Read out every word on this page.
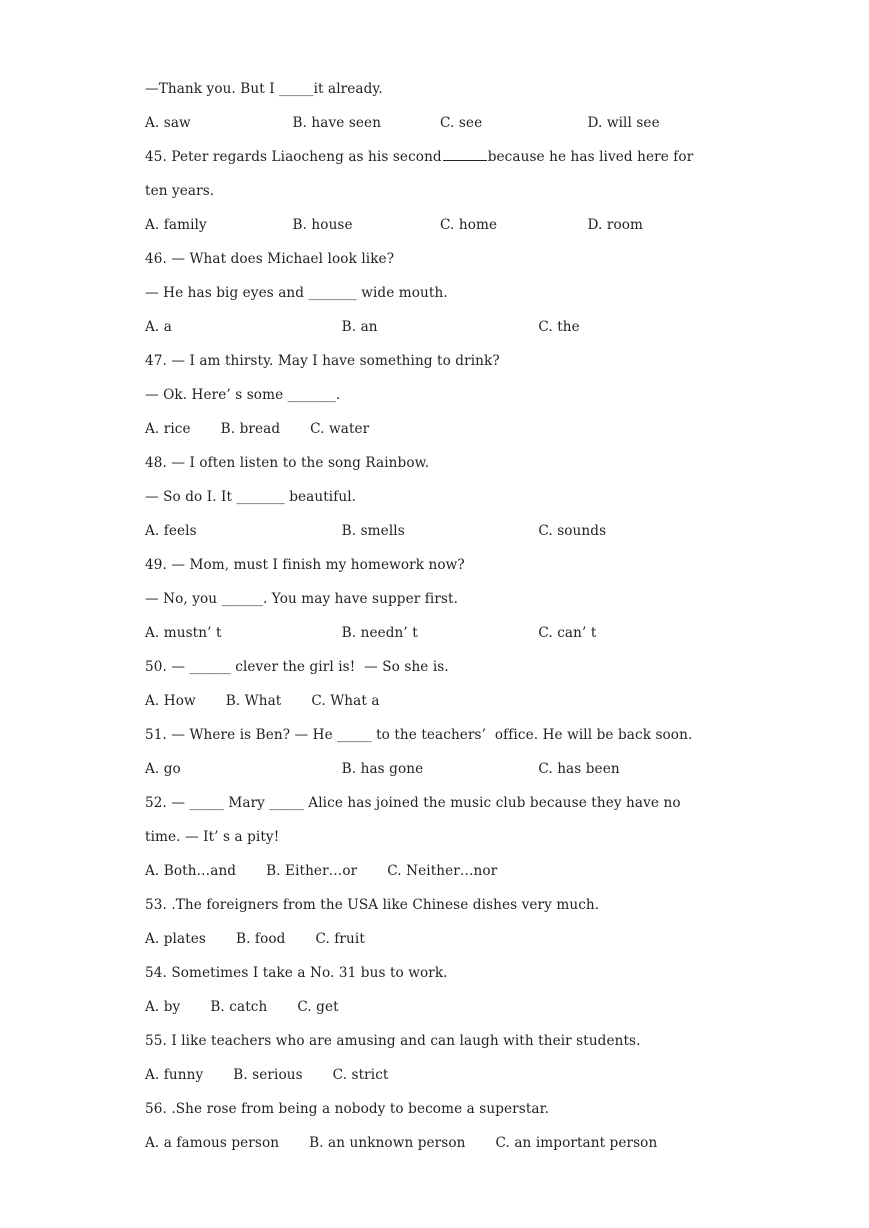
—Thank you. But I _____it already.
A. saw	B. have seen	C. see	D. will see
45. Peter regards Liaocheng as his second	because he has lived here for
ten years.
A. family	B. house	C. home	D. room
46. — What does Michael look like?
— He has big eyes and _______ wide mouth.
A. a	B. an	C. the
47. — I am thirsty. May I have something to drink?
— Ok. Here’ s some _______.
A. rice B. bread C. water
48. — I often listen to the song Rainbow.
— So do I. It _______ beautiful.
A. feels	B. smells	C. sounds
49. — Mom, must I finish my homework now?
— No, you ______. You may have supper first.
A. mustn’ t	B. needn’ t	C. can’ t
50. — ______ clever the girl is!  — So she is.
A. How B. What C. What a
51. — Where is Ben? — He _____ to the teachers’  office. He will be back soon.
A. go	B. has gone	C. has been
52. — _____ Mary _____ Alice has joined the music club because they have no
time. — It’ s a pity!
A. Both…and B. Either…or C. Neither…nor
53. .The foreigners from the USA like Chinese dishes very much.
A. plates B. food C. fruit
54. Sometimes I take a No. 31 bus to work.
A. by B. catch C. get
55. I like teachers who are amusing and can laugh with their students.
A. funny B. serious C. strict
56. .She rose from being a nobody to become a superstar.
A. a famous person B. an unknown person C. an important person
